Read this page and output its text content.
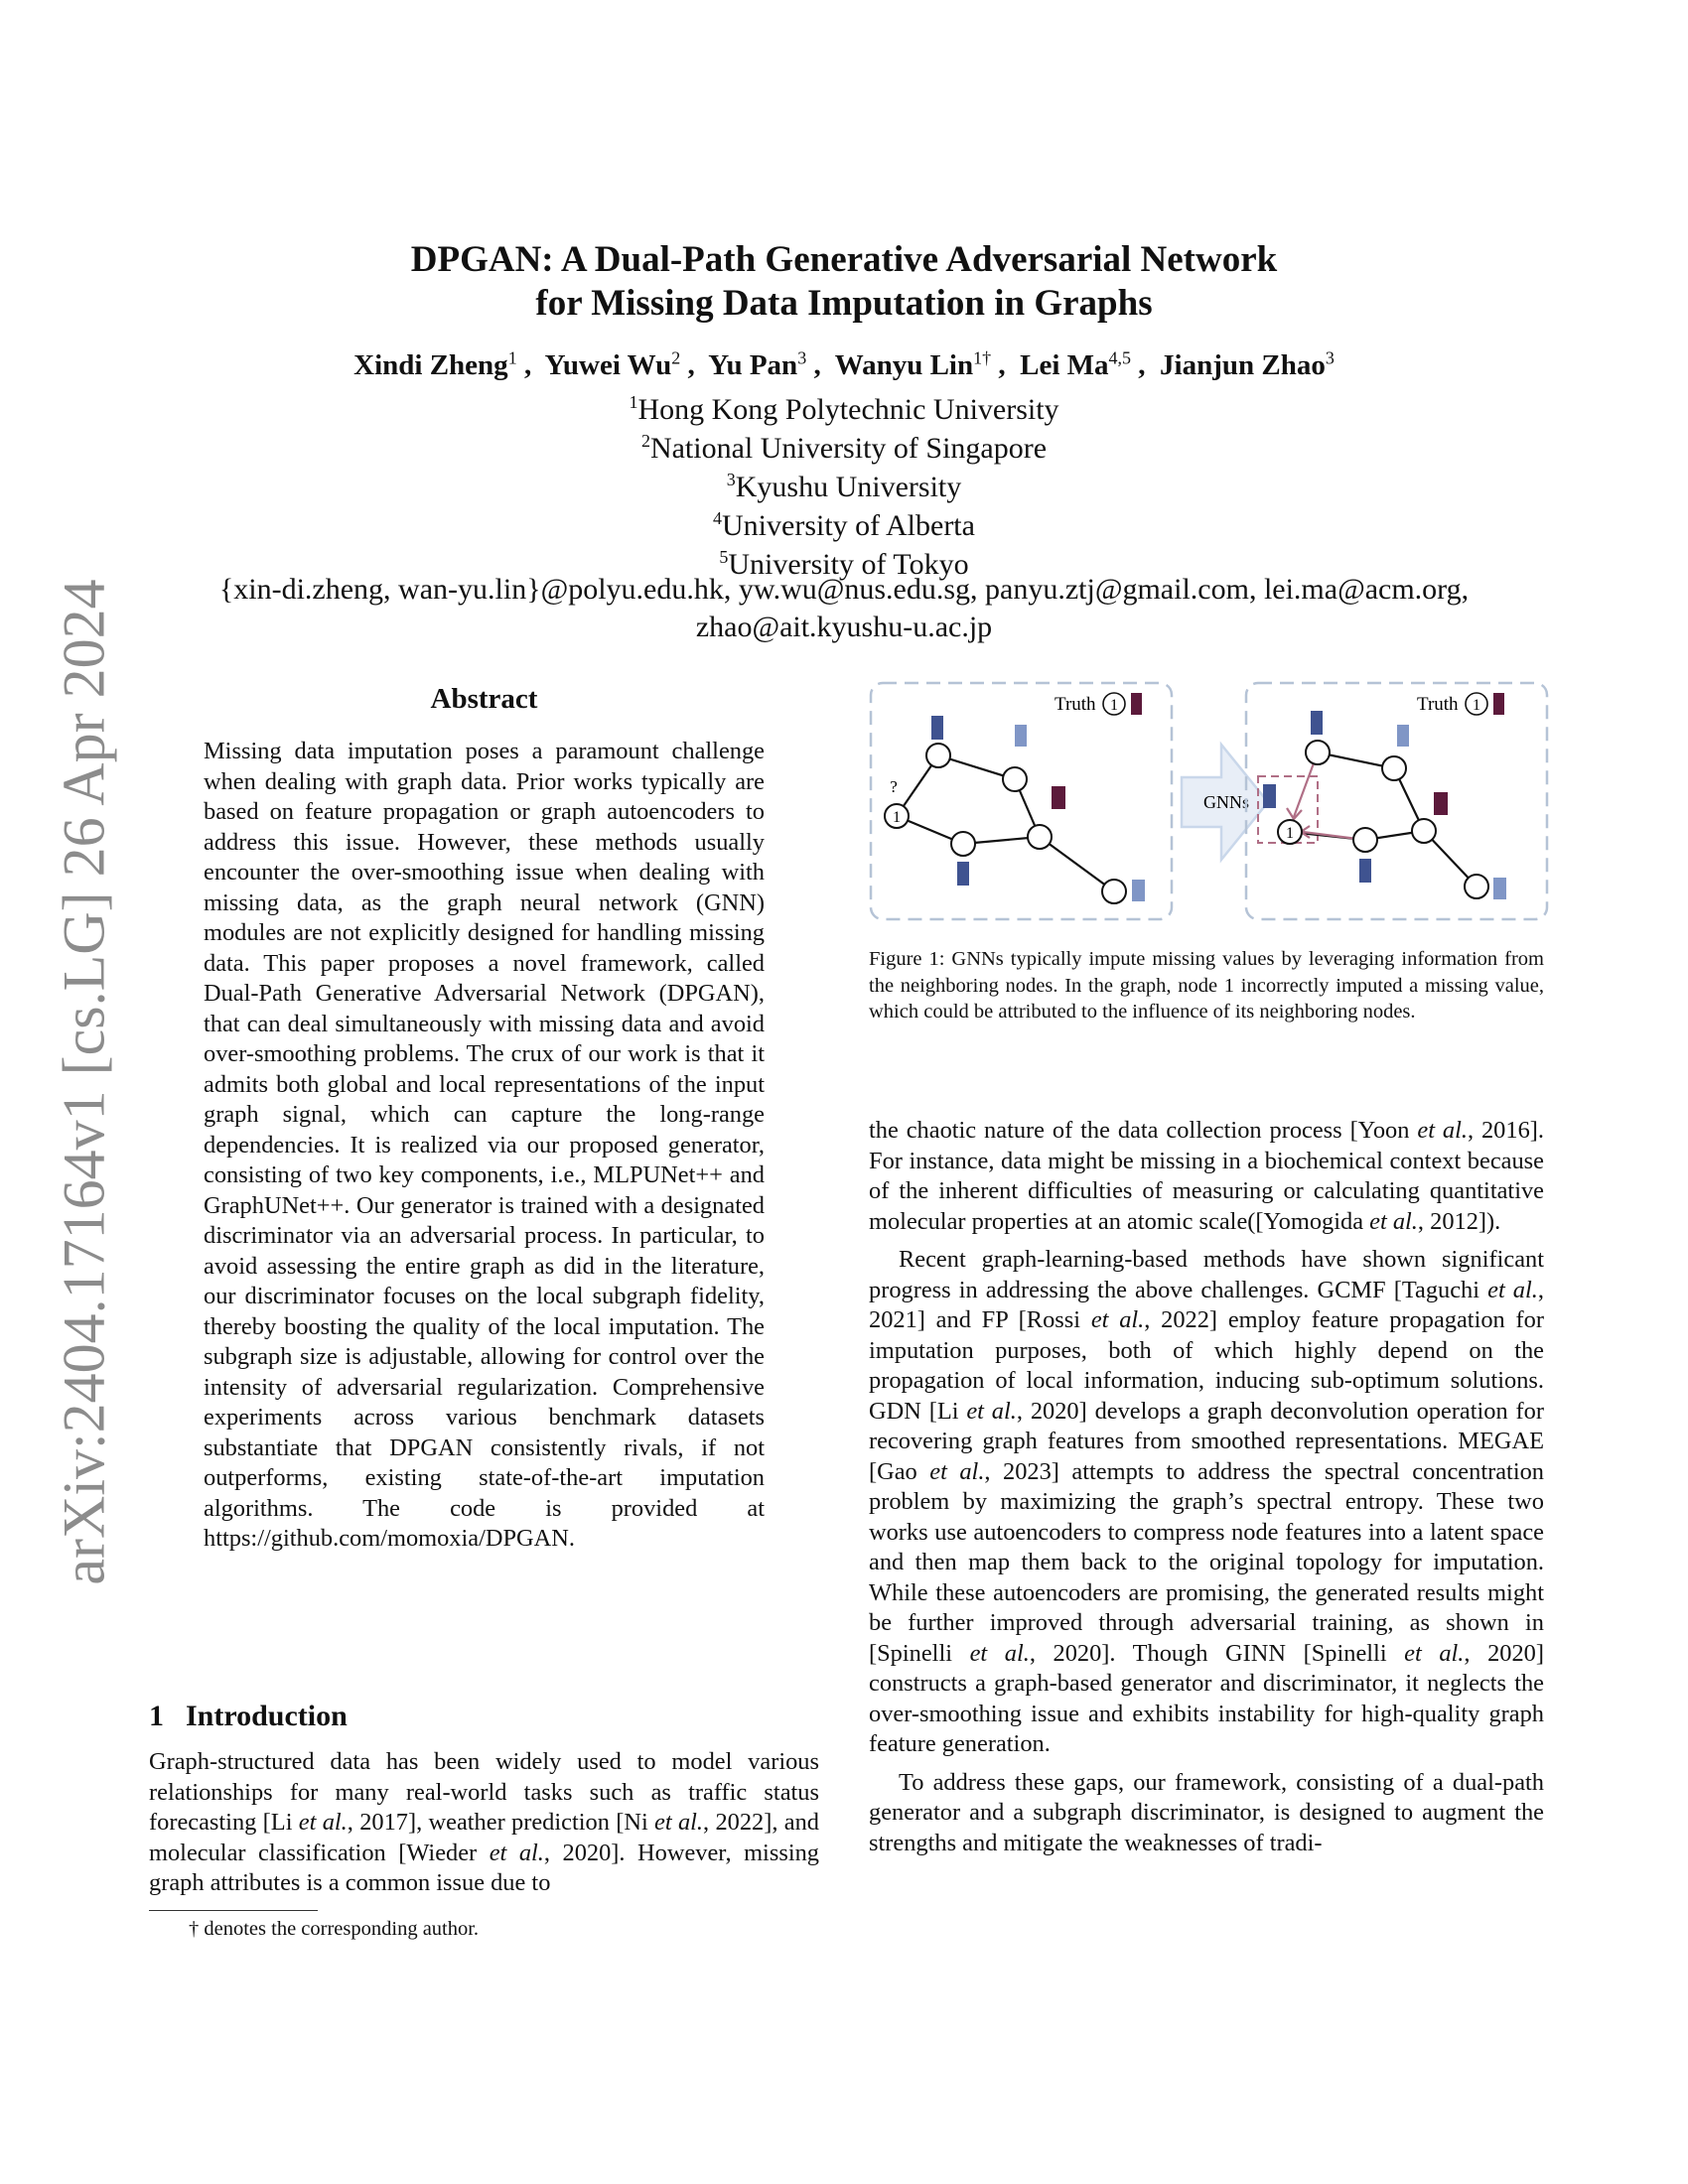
arXiv:2404.17164v1 [cs.LG] 26 Apr 2024
DPGAN: A Dual-Path Generative Adversarial Network
for Missing Data Imputation in Graphs
Xindi Zheng$^1$ ,  Yuwei Wu$^2$ ,  Yu Pan$^3$ ,  Wanyu Lin$^{1\dagger}$ ,  Lei Ma$^{4,5}$ ,  Jianjun Zhao$^3$
$^1$Hong Kong Polytechnic University
$^2$National University of Singapore
$^3$Kyushu University
$^4$University of Alberta
$^5$University of Tokyo
{xin-di.zheng, wan-yu.lin}@polyu.edu.hk, yw.wu@nus.edu.sg, panyu.ztj@gmail.com, lei.ma@acm.org,
zhao@ait.kyushu-u.ac.jp
Abstract
Missing data imputation poses a paramount challenge when dealing with graph data. Prior works typically are based on feature propagation or graph autoencoders to address this issue. However, these methods usually encounter the over-smoothing issue when dealing with missing data, as the graph neural network (GNN) modules are not explicitly designed for handling missing data. This paper proposes a novel framework, called Dual-Path Generative Adversarial Network (DPGAN), that can deal simultaneously with missing data and avoid over-smoothing problems. The crux of our work is that it admits both global and local representations of the input graph signal, which can capture the long-range dependencies. It is realized via our proposed generator, consisting of two key components, i.e., MLPUNet++ and GraphUNet++. Our generator is trained with a designated discriminator via an adversarial process. In particular, to avoid assessing the entire graph as did in the literature, our discriminator focuses on the local subgraph fidelity, thereby boosting the quality of the local imputation. The subgraph size is adjustable, allowing for control over the intensity of adversarial regularization. Comprehensive experiments across various benchmark datasets substantiate that DPGAN consistently rivals, if not outperforms, existing state-of-the-art imputation algorithms. The code is provided at https://github.com/momoxia/DPGAN.
1 Introduction
Graph-structured data has been widely used to model various relationships for many real-world tasks such as traffic status forecasting [Li et al., 2017], weather prediction [Ni et al., 2022], and molecular classification [Wieder et al., 2020]. However, missing graph attributes is a common issue due to
† denotes the corresponding author.
Truth 1
1
?
GNNs
Truth 1
1
Figure 1: GNNs typically impute missing values by leveraging information from the neighboring nodes. In the graph, node 1 incorrectly imputed a missing value, which could be attributed to the influence of its neighboring nodes.
the chaotic nature of the data collection process [Yoon et al., 2016]. For instance, data might be missing in a biochemical context because of the inherent difficulties of measuring or calculating quantitative molecular properties at an atomic scale([Yomogida et al., 2012]).
Recent graph-learning-based methods have shown significant progress in addressing the above challenges. GCMF [Taguchi et al., 2021] and FP [Rossi et al., 2022] employ feature propagation for imputation purposes, both of which highly depend on the propagation of local information, inducing sub-optimum solutions. GDN [Li et al., 2020] develops a graph deconvolution operation for recovering graph features from smoothed representations. MEGAE [Gao et al., 2023] attempts to address the spectral concentration problem by maximizing the graph’s spectral entropy. These two works use autoencoders to compress node features into a latent space and then map them back to the original topology for imputation. While these autoencoders are promising, the generated results might be further improved through adversarial training, as shown in [Spinelli et al., 2020]. Though GINN [Spinelli et al., 2020] constructs a graph-based generator and discriminator, it neglects the over-smoothing issue and exhibits instability for high-quality graph feature generation.
To address these gaps, our framework, consisting of a dual-path generator and a subgraph discriminator, is designed to augment the strengths and mitigate the weaknesses of tradi-
